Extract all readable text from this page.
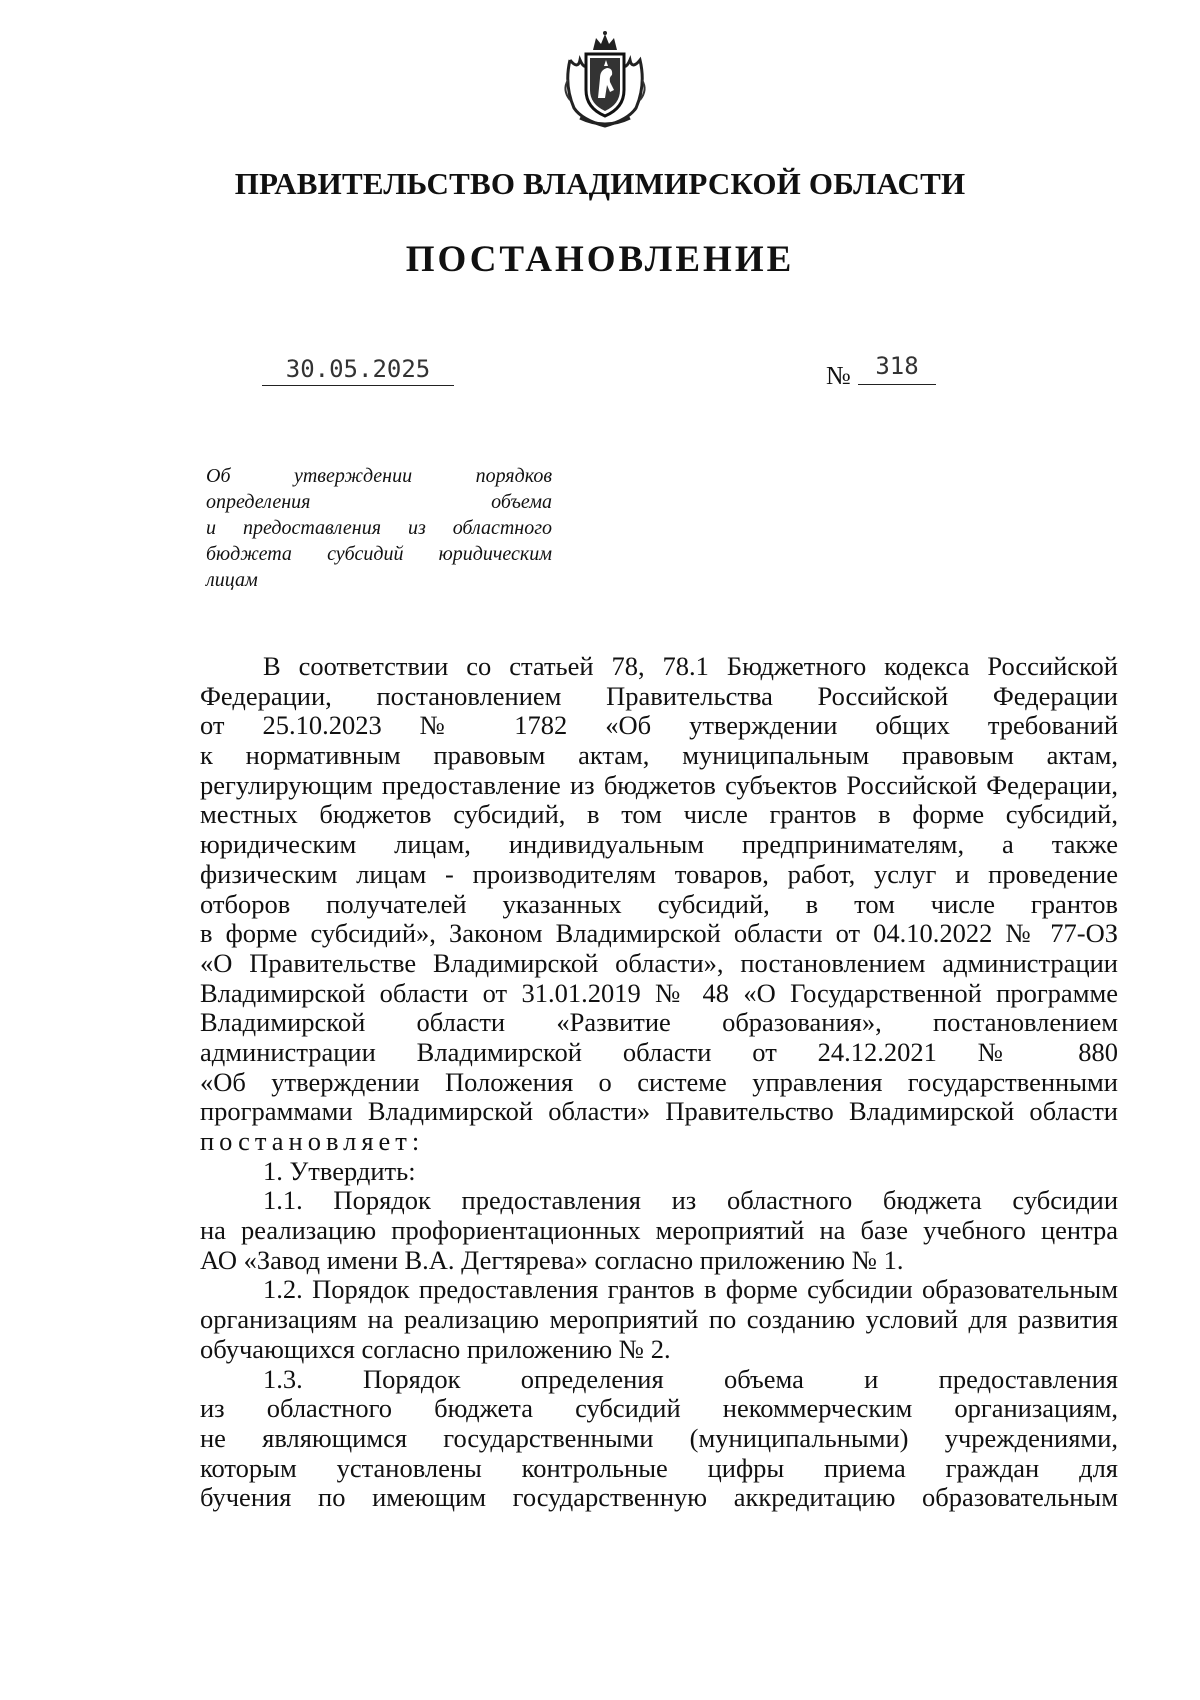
ПРАВИТЕЛЬСТВО ВЛАДИМИРСКОЙ ОБЛАСТИ
ПОСТАНОВЛЕНИЕ
30.05.2025	№	318
Об утверждении порядков
определения объема
и предоставления из областного
бюджета субсидий юридическим
лицам
В соответствии со статьей 78, 78.1 Бюджетного кодекса Российской
Федерации, постановлением Правительства Российской Федерации
от 25.10.2023 № 1782 «Об утверждении общих требований
к нормативным правовым актам, муниципальным правовым актам,
регулирующим предоставление из бюджетов субъектов Российской Федерации,
местных бюджетов субсидий, в том числе грантов в форме субсидий,
юридическим лицам, индивидуальным предпринимателям, а также
физическим лицам - производителям товаров, работ, услуг и проведение
отборов получателей указанных субсидий, в том числе грантов
в форме субсидий», Законом Владимирской области от 04.10.2022 № 77-ОЗ
«О Правительстве Владимирской области», постановлением администрации
Владимирской области от 31.01.2019 № 48 «О Государственной программе
Владимирской области «Развитие образования», постановлением
администрации Владимирской области от 24.12.2021 № 880
«Об утверждении Положения о системе управления государственными
программами Владимирской области» Правительство Владимирской области
постановляет:
1. Утвердить:
1.1. Порядок предоставления из областного бюджета субсидии
на реализацию профориентационных мероприятий на базе учебного центра
АО «Завод имени В.А. Дегтярева» согласно приложению № 1.
1.2. Порядок предоставления грантов в форме субсидии образовательным
организациям на реализацию мероприятий по созданию условий для развития
обучающихся согласно приложению № 2.
1.3. Порядок определения объема и предоставления
из областного бюджета субсидий некоммерческим организациям,
не являющимся государственными (муниципальными) учреждениями,
которым установлены контрольные цифры приема граждан для
бучения по имеющим государственную аккредитацию образовательным
